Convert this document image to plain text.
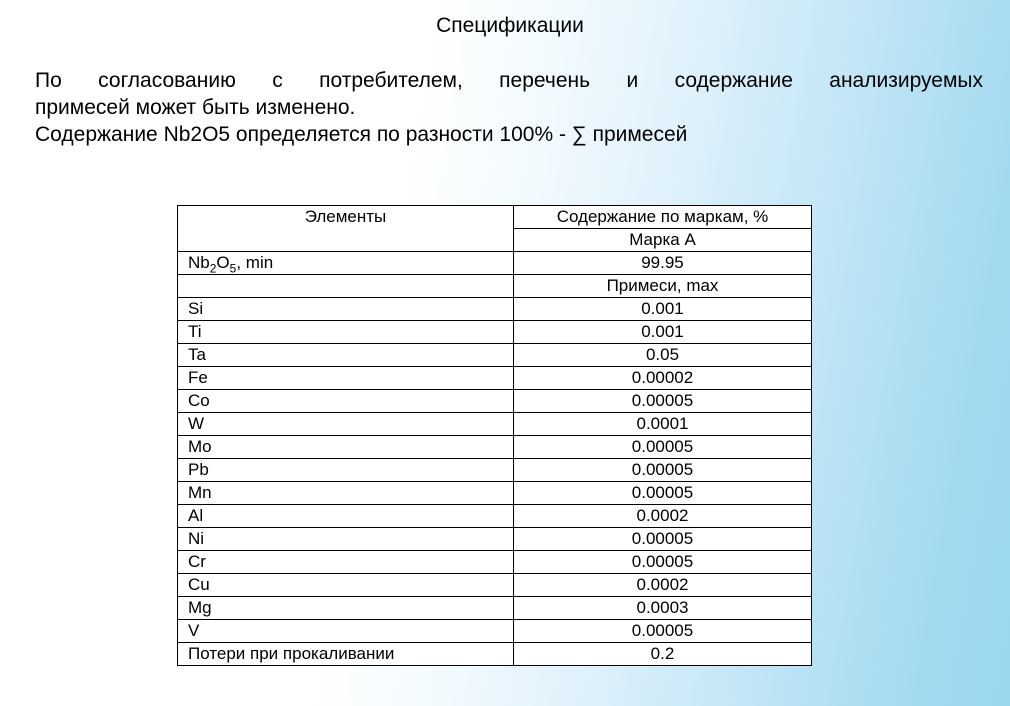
Спецификации

По согласованию с потребителем, перечень и содержание анализируемых
примесей может быть изменено.

Содержание Nb2O5 определяется по разности 100% - ∑ примесей

Элементы	Содержание по маркам, %
	Марка А
$Nb_2O_5$, min	99.95
	Примеси, max
Si	0.001
Ti	0.001
Ta	0.05
Fe	0.00002
Co	0.00005
W	0.0001
Mo	0.00005
Pb	0.00005
Mn	0.00005
Al	0.0002
Ni	0.00005
Cr	0.00005
Cu	0.0002
Mg	0.0003
V	0.00005
Потери при прокаливании	0.2
